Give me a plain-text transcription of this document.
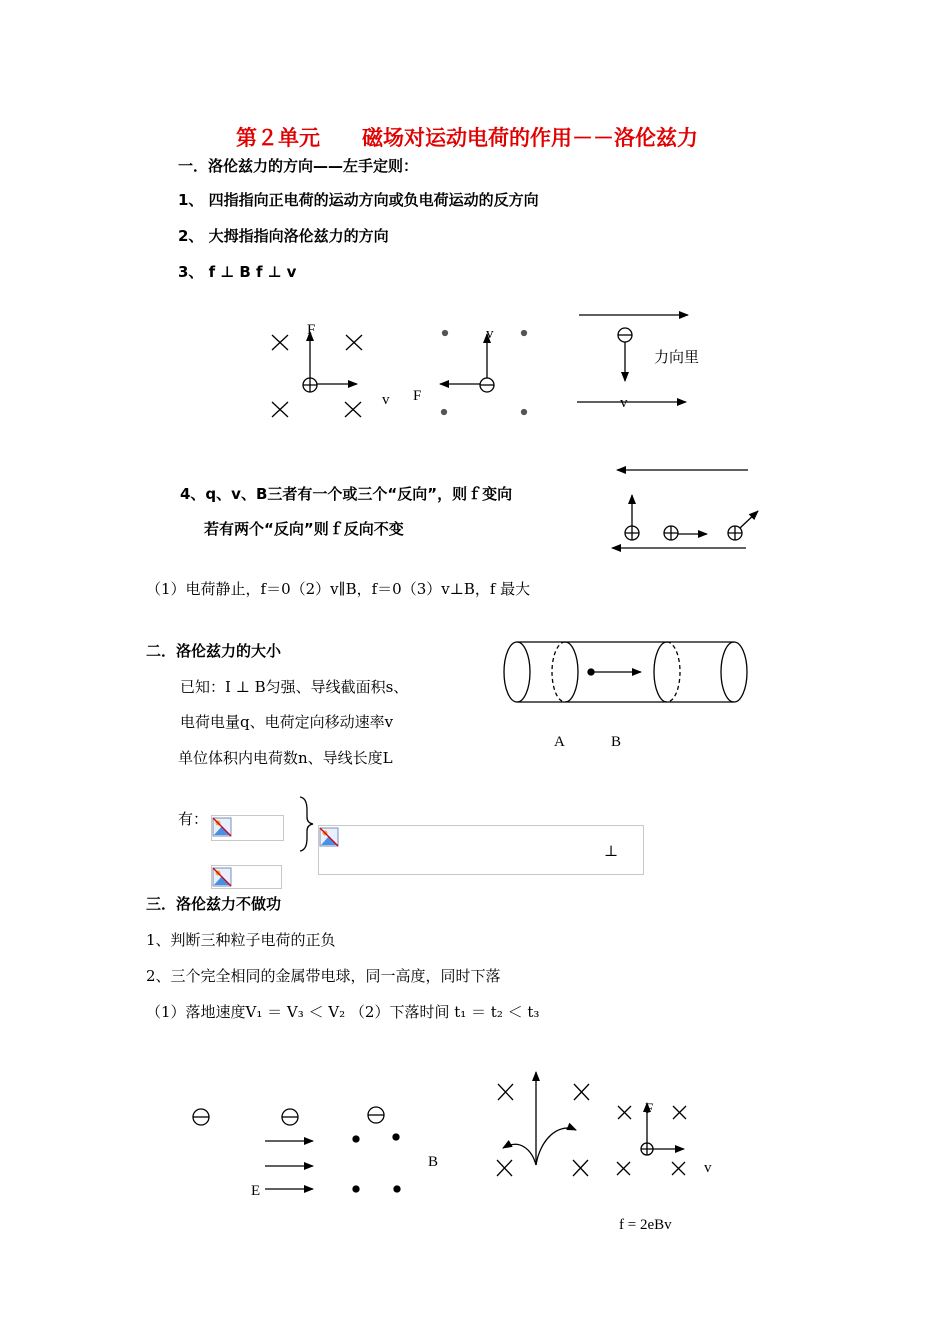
第２单元　　磁场对运动电荷的作用－－洛伦兹力
一．洛伦兹力的方向——左手定则：
1、 四指指向正电荷的运动方向或负电荷运动的反方向
2、 大拇指指向洛伦兹力的方向
3、 f ⊥ B f ⊥ v
4、q、v、B三者有一个或三个“反向”，则ｆ变向
若有两个“反向”则ｆ反向不变
（1）电荷静止，f＝0（2）v∥B，f＝0（3）v⊥B，f 最大
二．洛伦兹力的大小
已知：I ⊥ B匀强、导线截面积s、
电荷电量q、电荷定向移动速率v
单位体积内电荷数n、导线长度L
有：
⊥
三．洛伦兹力不做功
1、判断三种粒子电荷的正负
2、三个完全相同的金属带电球，同一高度，同时下落
（1）落地速度V₁ ＝ V₃ ＜ V₂ （2）下落时间 t₁ ＝ t₂ ＜ t₃
F
v
v
F
力向里
v
A	B
E
B
F
v
f = 2eBv
